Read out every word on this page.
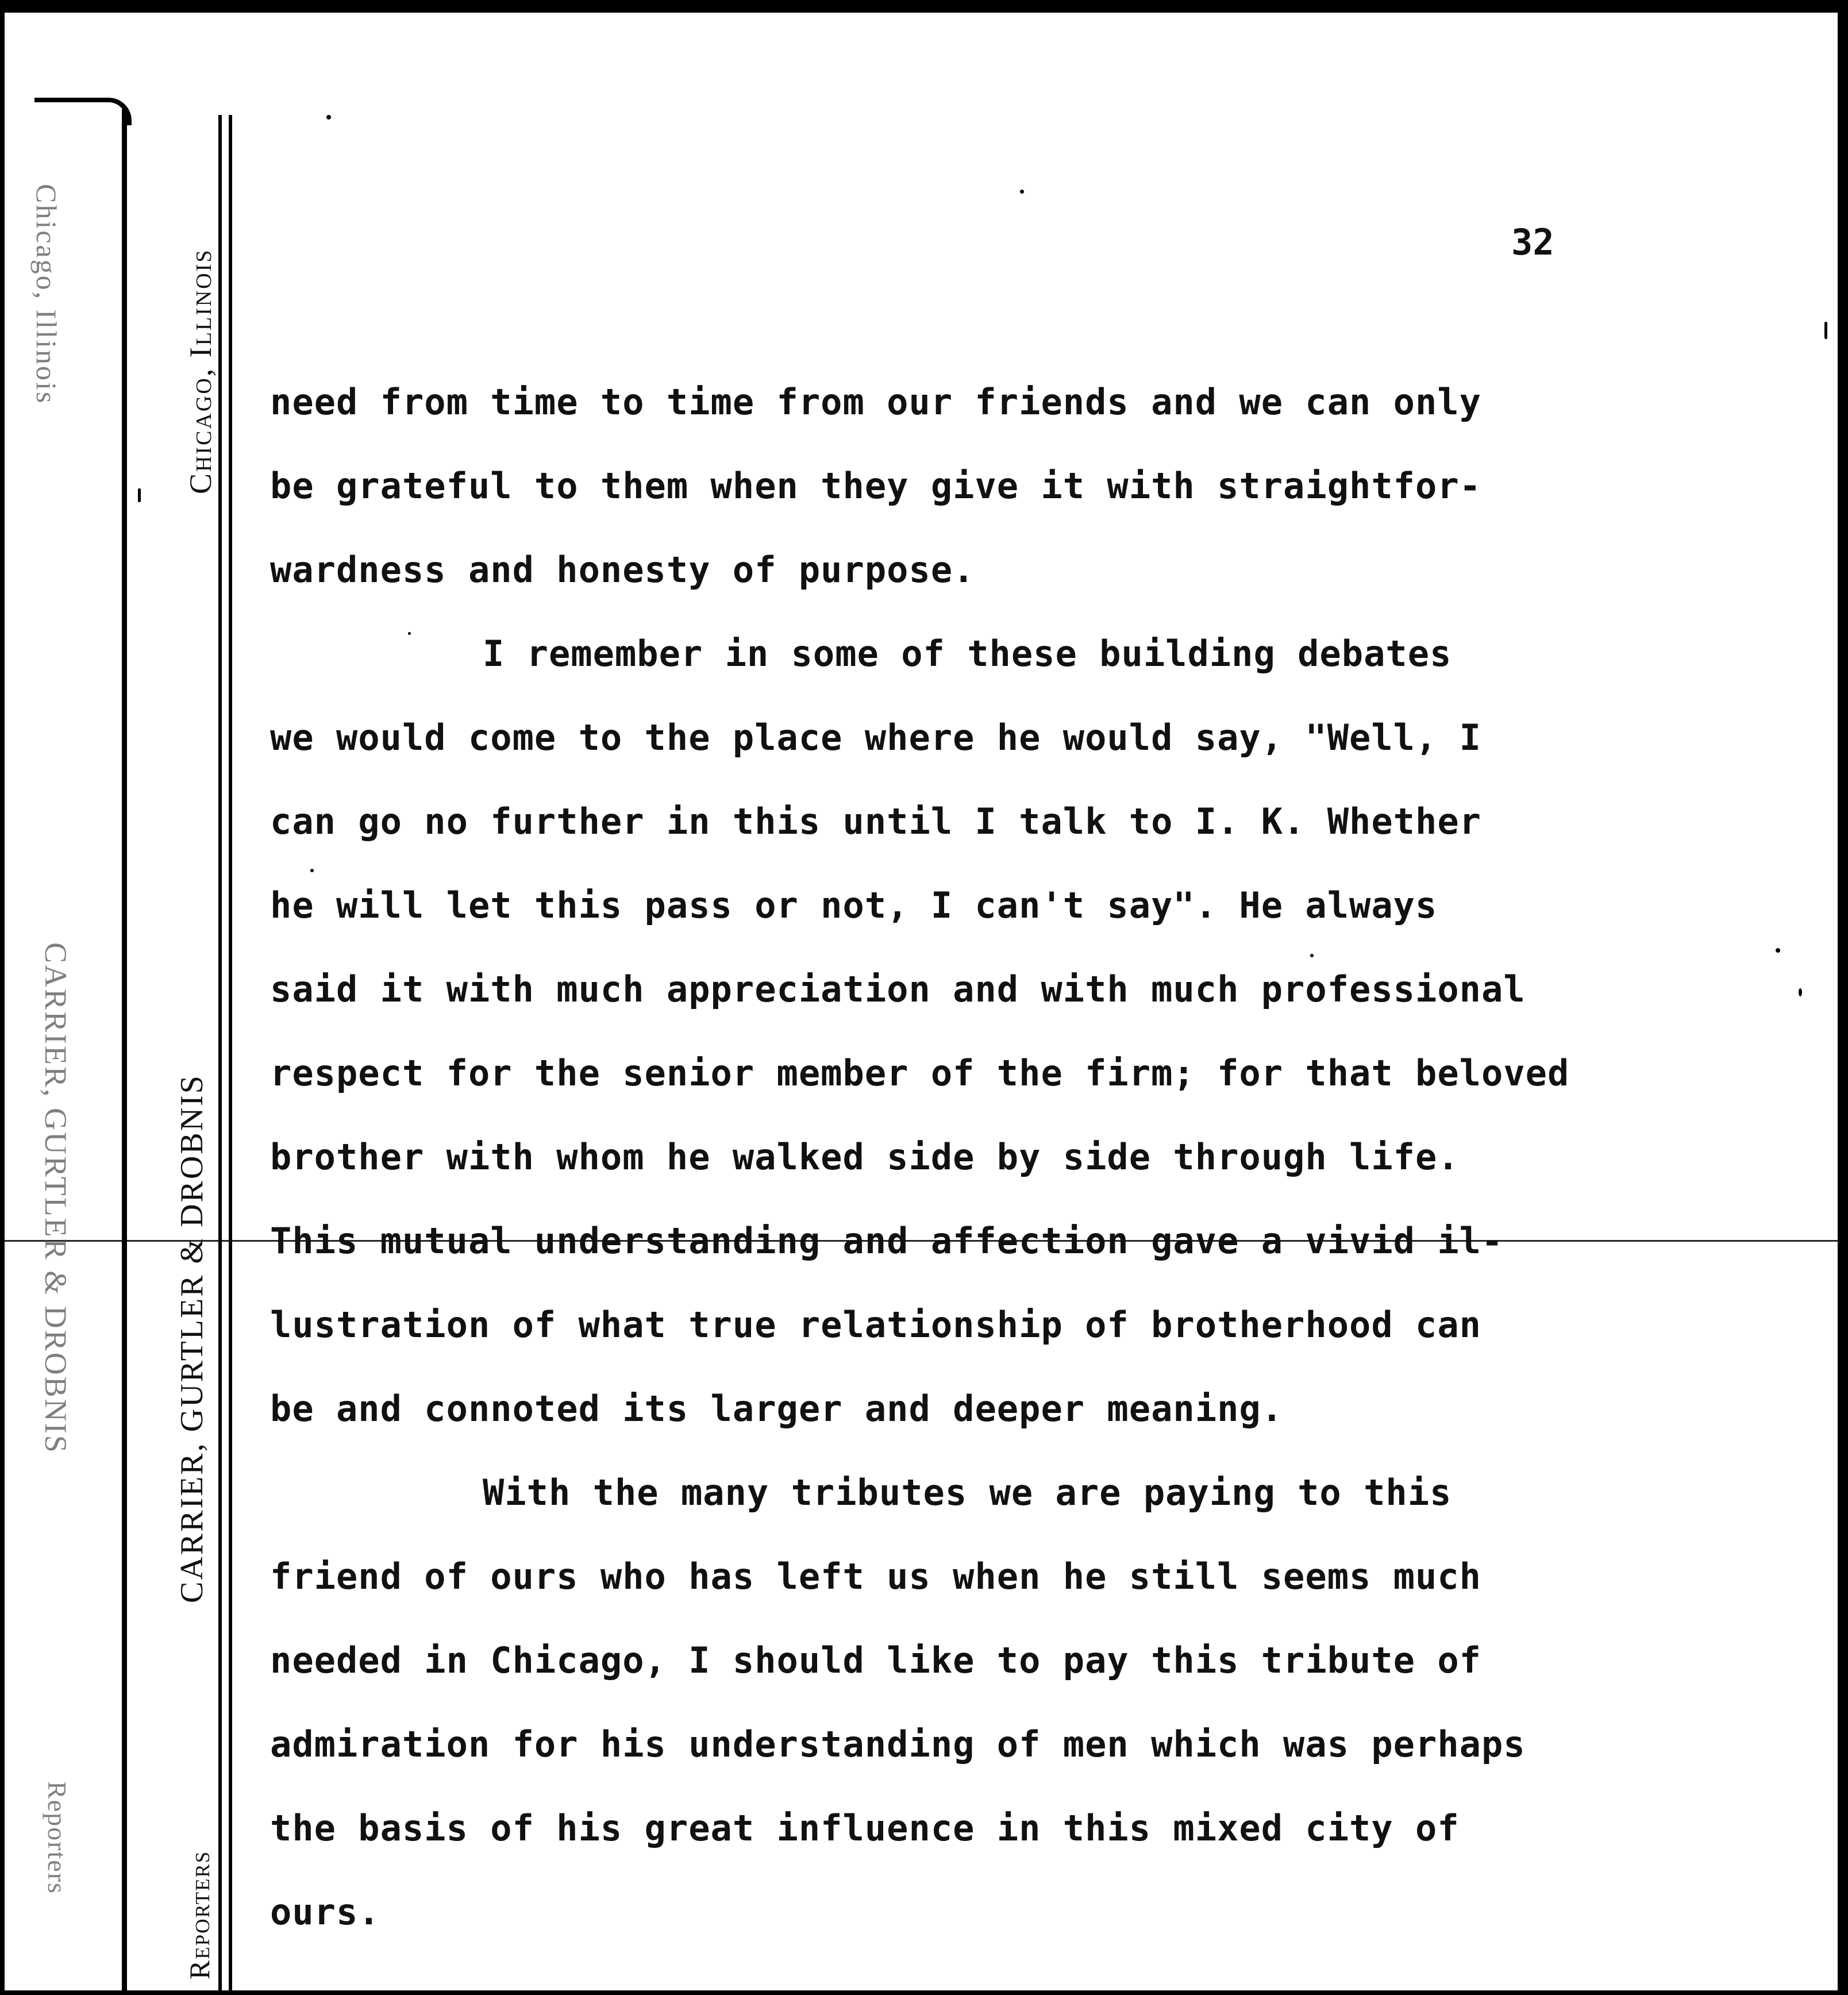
Chicago, Illinois
CARRIER, GURTLER & DROBNIS
Reporters
Chicago, Illinois
CARRIER, GURTLER & DROBNIS
Reporters
32
need from time to time from our friends and we can only
be grateful to them when they give it with straightfor-
wardness and honesty of purpose.
I remember in some of these building debates
we would come to the place where he would say, "Well, I
can go no further in this until I talk to I. K. Whether
he will let this pass or not, I can't say". He always
said it with much appreciation and with much professional
respect for the senior member of the firm; for that beloved
brother with whom he walked side by side through life.
This mutual understanding and affection gave a vivid il-
lustration of what true relationship of brotherhood can
be and connoted its larger and deeper meaning.
With the many tributes we are paying to this
friend of ours who has left us when he still seems much
needed in Chicago, I should like to pay this tribute of
admiration for his understanding of men which was perhaps
the basis of his great influence in this mixed city of
ours.
